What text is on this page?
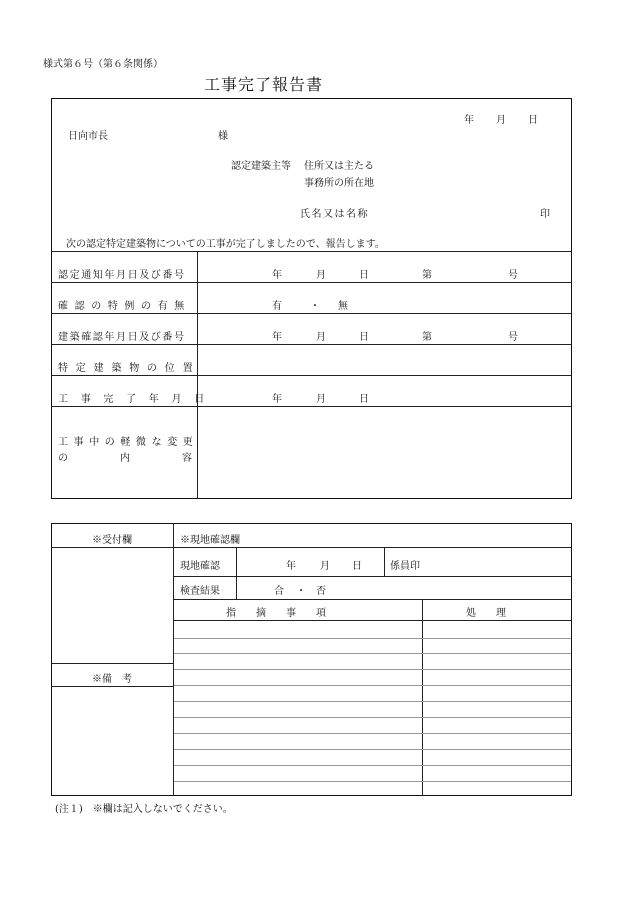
様式第６号（第６条関係）
工事完了報告書
年 月 日
日向市長	様
認定建築主等 住所又は主たる
事務所の所在地
氏名又は名称	印
次の認定特定建築物についての工事が完了しましたので、報告します。
認定通知年月日及び番号	年	月	日	第	号
確認の特例の有無	有	・ 無
建築確認年月日及び番号	年	月	日	第	号
特定建築物の位置
工事完了年月日	年	月	日
工事中の軽微な変更
の	内	容
※受付欄	※現地確認欄
※備　考
現地確認	年 月 日	係員印
検査結果	合 ・ 否
指　　摘　　事　　項	処　　理
(注１)　※欄は記入しないでください。
